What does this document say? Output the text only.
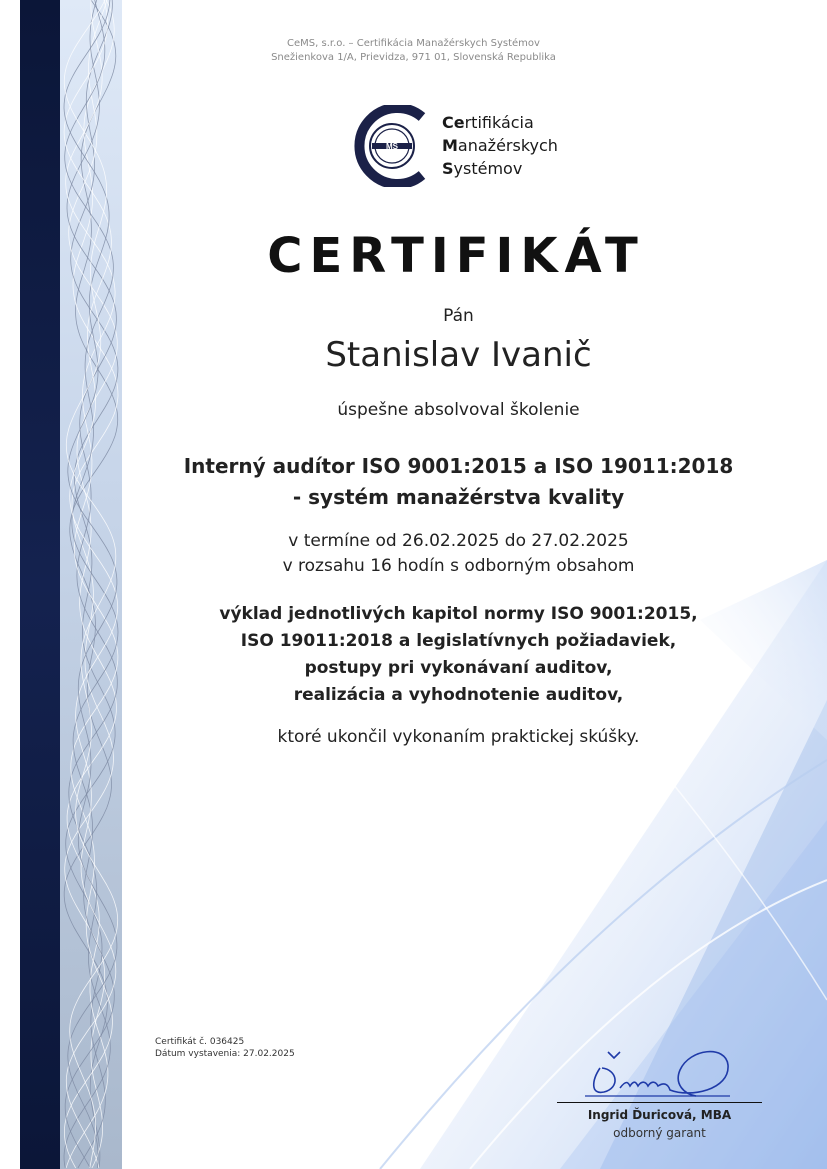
CeMS, s.r.o. – Certifikácia Manažérskych Systémov
Snežienkova 1/A, Prievidza, 971 01, Slovenská Republika
MS
Certifikácia
Manažérskych
Systémov
CERTIFIKÁT
Pán
Stanislav Ivanič
úspešne absolvoval školenie
Interný audítor ISO 9001:2015 a ISO 19011:2018
- systém manažérstva kvality
v termíne od 26.02.2025 do 27.02.2025
v rozsahu 16 hodín s odborným obsahom
výklad jednotlivých kapitol normy ISO 9001:2015,
ISO 19011:2018 a legislatívnych požiadaviek,
postupy pri vykonávaní auditov,
realizácia a vyhodnotenie auditov,
ktoré ukončil vykonaním praktickej skúšky.
Certifikát č. 036425
Dátum vystavenia: 27.02.2025
Ingrid Ďuricová, MBA
odborný garant
